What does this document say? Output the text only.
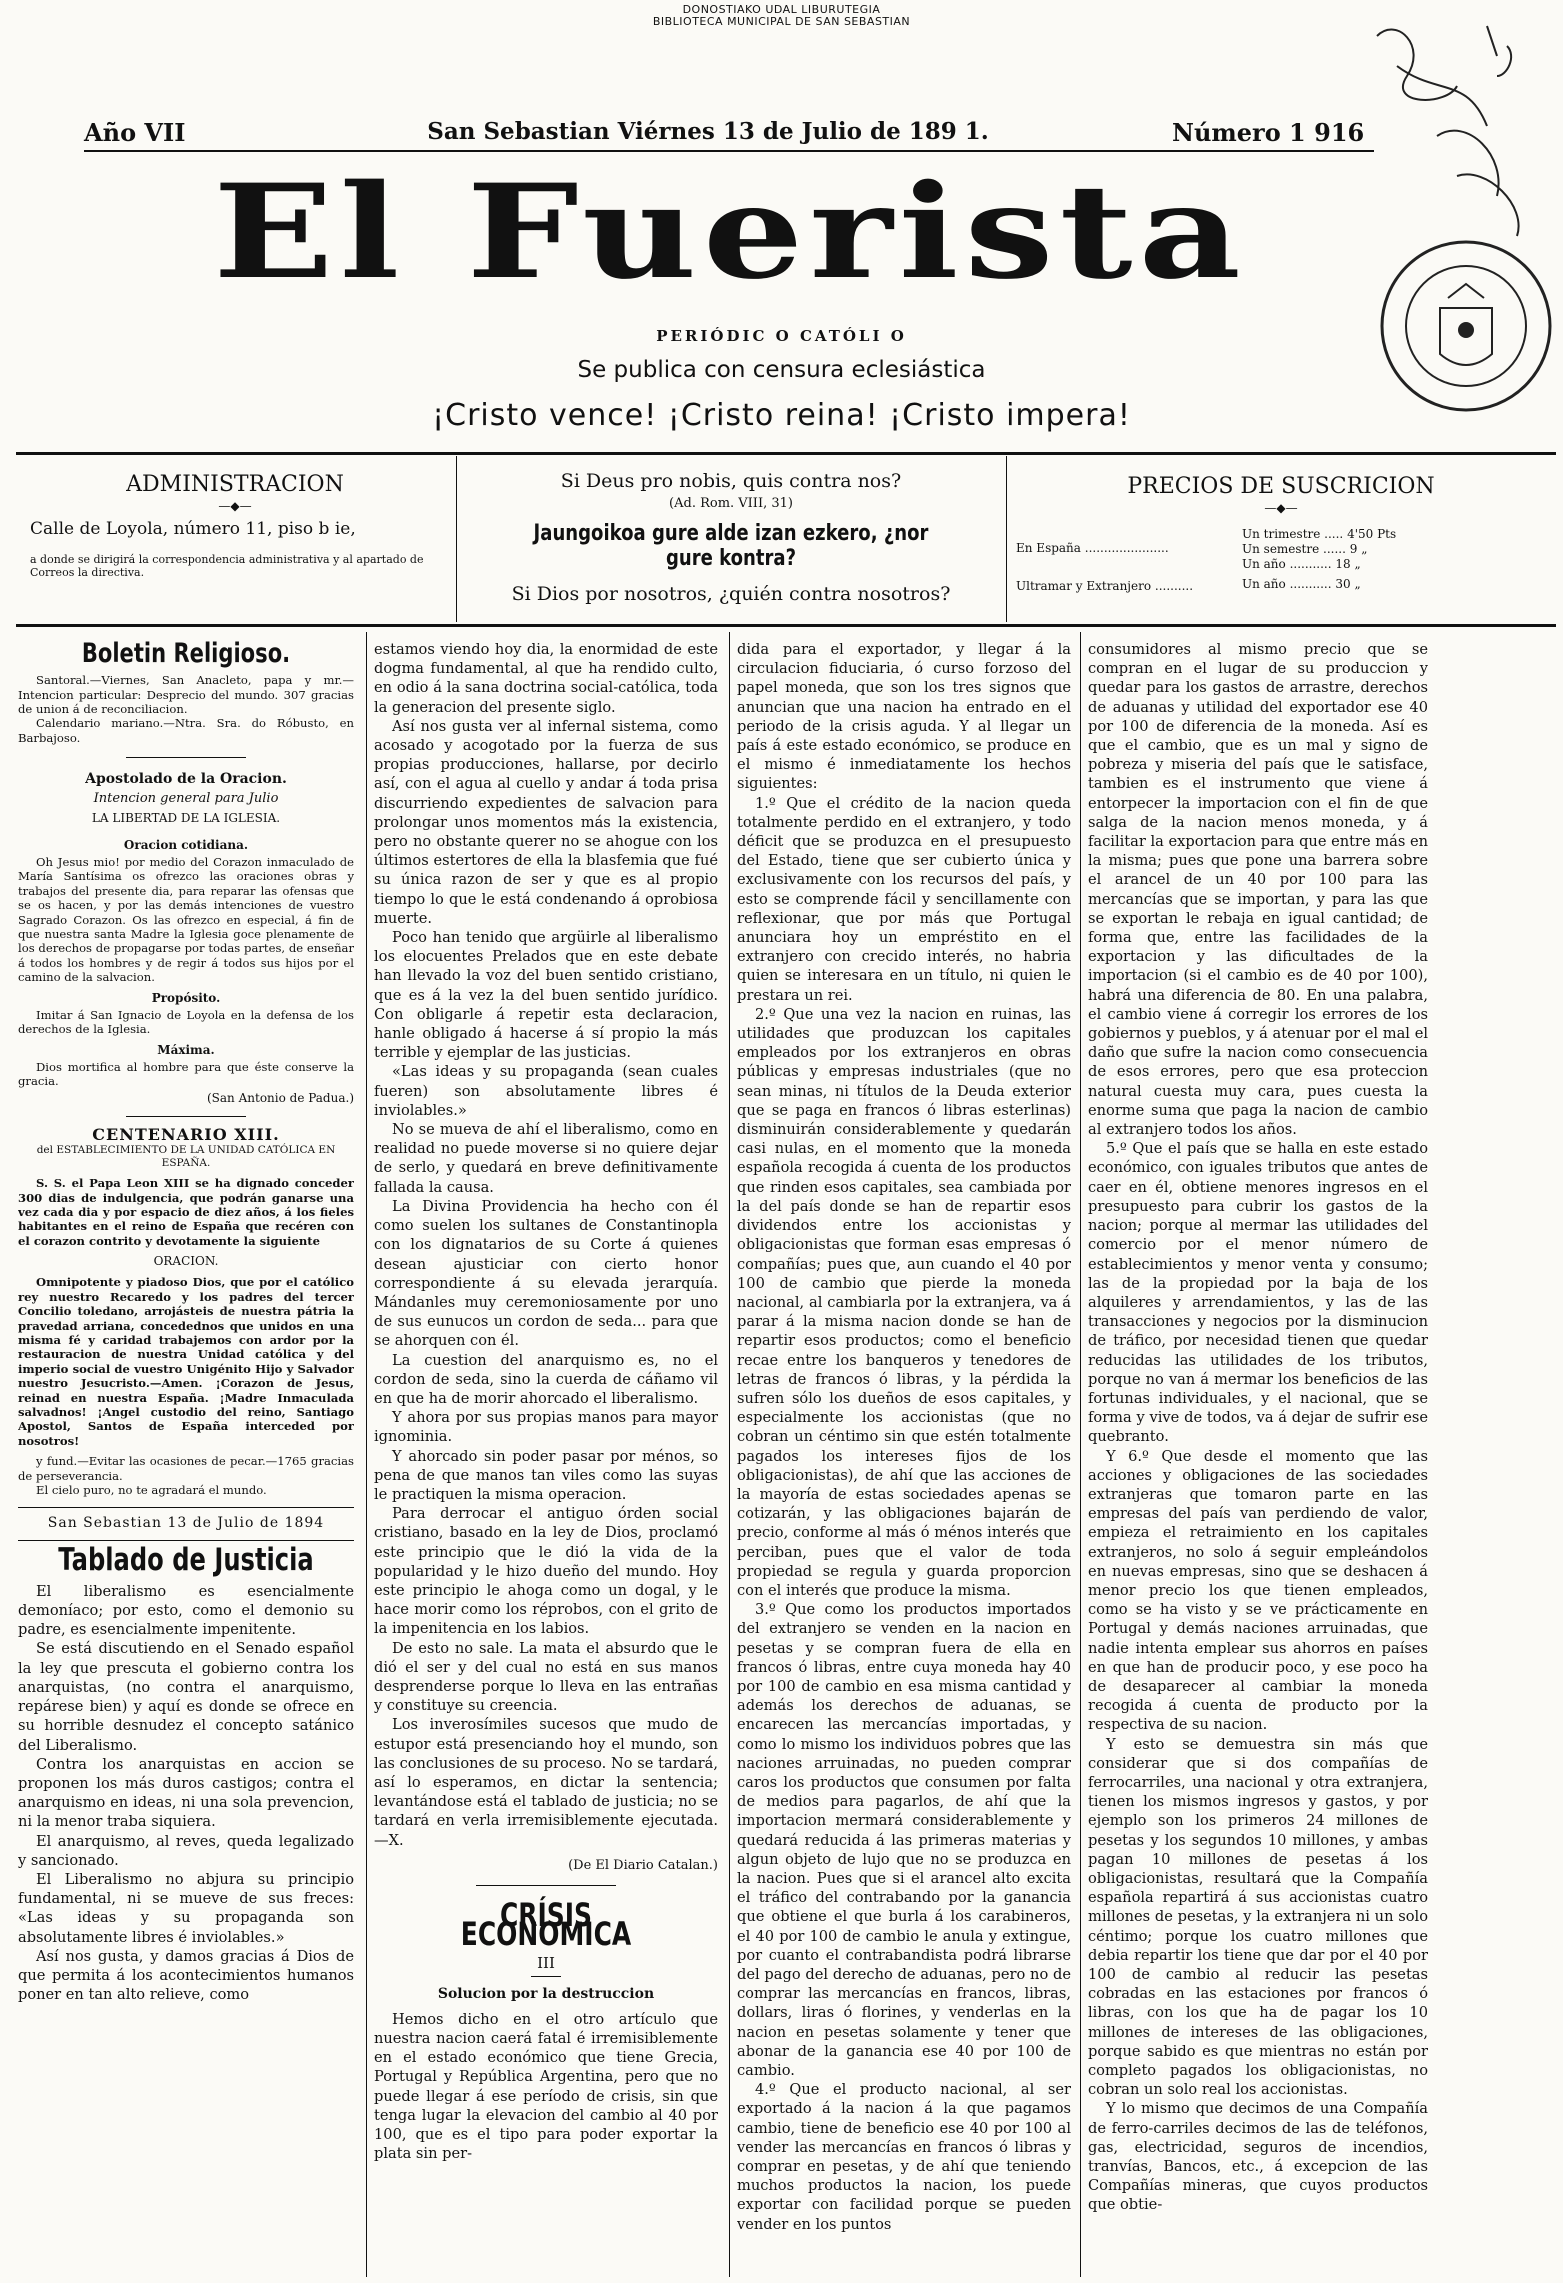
DONOSTIAKO UDAL LIBURUTEGIA
BIBLIOTECA MUNICIPAL DE SAN SEBASTIAN
Año VII	San Sebastian Viérnes 13 de Julio de 189 1.	Número 1 916
El Fuerista
PERIÓDIC O CATÓLI O
Se publica con censura eclesiástica
¡Cristo vence! ¡Cristo reina! ¡Cristo impera!
ADMINISTRACION
—◆—
Calle de Loyola, número 11, piso b ie,
a donde se dirigirá la correspondencia administrativa y al apartado de Correos la directiva.
Si Deus pro nobis, quis contra nos?
(Ad. Rom. VIII, 31)
Jaungoikoa gure alde izan ezkero, ¿nor gure kontra?
Si Dios por nosotros, ¿quién contra nosotros?
PRECIOS DE SUSCRICION
—◆—
En España ......................
Ultramar y Extranjero ..........
Un trimestre ..... 4'50 Pts
Un semestre ...... 9 „
Un año ........... 18 „
Un año ........... 30 „
Boletin Religioso.

Santoral.—Viernes, San Anacleto, papa y mr.—Intencion particular: Desprecio del mundo. 307 gracias de union á de reconciliacion.

Calendario mariano.—Ntra. Sra. do Róbusto, en Barbajoso.

Apostolado de la Oracion.
Intencion general para Julio
LA LIBERTAD DE LA IGLESIA.
Oracion cotidiana.

Oh Jesus mio! por medio del Corazon inmaculado de María Santísima os ofrezco las oraciones obras y trabajos del presente dia, para reparar las ofensas que se os hacen, y por las demás intenciones de vuestro Sagrado Corazon. Os las ofrezco en especial, á fin de que nuestra santa Madre la Iglesia goce plenamente de los derechos de propagarse por todas partes, de enseñar á todos los hombres y de regir á todos sus hijos por el camino de la salvacion.

Propósito.

Imitar á San Ignacio de Loyola en la defensa de los derechos de la Iglesia.

Máxima.

Dios mortifica al hombre para que éste conserve la gracia.

(San Antonio de Padua.)
CENTENARIO XIII.
del ESTABLECIMIENTO DE LA UNIDAD CATÓLICA EN ESPAÑA.

S. S. el Papa Leon XIII se ha dignado conceder 300 dias de indulgencia, que podrán ganarse una vez cada dia y por espacio de diez años, á los fieles habitantes en el reino de España que recéren con el corazon contrito y devotamente la siguiente

ORACION.

Omnipotente y piadoso Dios, que por el católico rey nuestro Recaredo y los padres del tercer Concilio toledano, arrojásteis de nuestra pátria la pravedad arriana, concedednos que unidos en una misma fé y caridad trabajemos con ardor por la restauracion de nuestra Unidad católica y del imperio social de vuestro Unigénito Hijo y Salvador nuestro Jesucristo.—Amen. ¡Corazon de Jesus, reinad en nuestra España. ¡Madre Inmaculada salvadnos! ¡Angel custodio del reino, Santiago Apostol, Santos de España interceded por nosotros!

y fund.—Evitar las ocasiones de pecar.—1765 gracias de perseverancia.

El cielo puro, no te agradará el mundo.

San Sebastian 13 de Julio de 1894
Tablado de Justicia

El liberalismo es esencialmente demoníaco; por esto, como el demonio su padre, es esencialmente impenitente.

Se está discutiendo en el Senado español la ley que prescuta el gobierno contra los anarquistas, (no contra el anarquismo, repárese bien) y aquí es donde se ofrece en su horrible desnudez el concepto satánico del Liberalismo.

Contra los anarquistas en accion se proponen los más duros castigos; contra el anarquismo en ideas, ni una sola prevencion, ni la menor traba siquiera.

El anarquismo, al reves, queda legalizado y sancionado.

El Liberalismo no abjura su principio fundamental, ni se mueve de sus freces: «Las ideas y su propaganda son absolutamente libres é inviolables.»

Así nos gusta, y damos gracias á Dios de que permita á los acontecimientos humanos poner en tan alto relieve, como

estamos viendo hoy dia, la enormidad de este dogma fundamental, al que ha rendido culto, en odio á la sana doctrina social-católica, toda la generacion del presente siglo.

Así nos gusta ver al infernal sistema, como acosado y acogotado por la fuerza de sus propias producciones, hallarse, por decirlo así, con el agua al cuello y andar á toda prisa discurriendo expedientes de salvacion para prolongar unos momentos más la existencia, pero no obstante querer no se ahogue con los últimos estertores de ella la blasfemia que fué su única razon de ser y que es al propio tiempo lo que le está condenando á oprobiosa muerte.

Poco han tenido que argüirle al liberalismo los elocuentes Prelados que en este debate han llevado la voz del buen sentido cristiano, que es á la vez la del buen sentido jurídico. Con obligarle á repetir esta declaracion, hanle obligado á hacerse á sí propio la más terrible y ejemplar de las justicias.

«Las ideas y su propaganda (sean cuales fueren) son absolutamente libres é inviolables.»

No se mueva de ahí el liberalismo, como en realidad no puede moverse si no quiere dejar de serlo, y quedará en breve definitivamente fallada la causa.

La Divina Providencia ha hecho con él como suelen los sultanes de Constantinopla con los dignatarios de su Corte á quienes desean ajusticiar con cierto honor correspondiente á su elevada jerarquía. Mándanles muy ceremoniosamente por uno de sus eunucos un cordon de seda... para que se ahorquen con él.

La cuestion del anarquismo es, no el cordon de seda, sino la cuerda de cáñamo vil en que ha de morir ahorcado el liberalismo.

Y ahora por sus propias manos para mayor ignominia.

Y ahorcado sin poder pasar por ménos, so pena de que manos tan viles como las suyas le practiquen la misma operacion.

Para derrocar el antiguo órden social cristiano, basado en la ley de Dios, proclamó este principio que le dió la vida de la popularidad y le hizo dueño del mundo. Hoy este principio le ahoga como un dogal, y le hace morir como los réprobos, con el grito de la impenitencia en los labios.

De esto no sale. La mata el absurdo que le dió el ser y del cual no está en sus manos desprenderse porque lo lleva en las entrañas y constituye su creencia.

Los inverosímiles sucesos que mudo de estupor está presenciando hoy el mundo, son las conclusiones de su proceso. No se tardará, así lo esperamos, en dictar la sentencia; levantándose está el tablado de justicia; no se tardará en verla irremisiblemente ejecutada.—X.

(De El Diario Catalan.)
CRÍSIS ECONOMICA
III
Solucion por la destruccion

Hemos dicho en el otro artículo que nuestra nacion caerá fatal é irremisiblemente en el estado económico que tiene Grecia, Portugal y República Argentina, pero que no puede llegar á ese período de crisis, sin que tenga lugar la elevacion del cambio al 40 por 100, que es el tipo para poder exportar la plata sin per-

dida para el exportador, y llegar á la circulacion fiduciaria, ó curso forzoso del papel moneda, que son los tres signos que anuncian que una nacion ha entrado en el periodo de la crisis aguda. Y al llegar un país á este estado económico, se produce en el mismo é inmediatamente los hechos siguientes:

1.º Que el crédito de la nacion queda totalmente perdido en el extranjero, y todo déficit que se produzca en el presupuesto del Estado, tiene que ser cubierto única y exclusivamente con los recursos del país, y esto se comprende fácil y sencillamente con reflexionar, que por más que Portugal anunciara hoy un empréstito en el extranjero con crecido interés, no habria quien se interesara en un título, ni quien le prestara un rei.

2.º Que una vez la nacion en ruinas, las utilidades que produzcan los capitales empleados por los extranjeros en obras públicas y empresas industriales (que no sean minas, ni títulos de la Deuda exterior que se paga en francos ó libras esterlinas) disminuirán considerablemente y quedarán casi nulas, en el momento que la moneda española recogida á cuenta de los productos que rinden esos capitales, sea cambiada por la del país donde se han de repartir esos dividendos entre los accionistas y obligacionistas que forman esas empresas ó compañías; pues que, aun cuando el 40 por 100 de cambio que pierde la moneda nacional, al cambiarla por la extranjera, va á parar á la misma nacion donde se han de repartir esos productos; como el beneficio recae entre los banqueros y tenedores de letras de francos ó libras, y la pérdida la sufren sólo los dueños de esos capitales, y especialmente los accionistas (que no cobran un céntimo sin que estén totalmente pagados los intereses fijos de los obligacionistas), de ahí que las acciones de la mayoría de estas sociedades apenas se cotizarán, y las obligaciones bajarán de precio, conforme al más ó ménos interés que perciban, pues que el valor de toda propiedad se regula y guarda proporcion con el interés que produce la misma.

3.º Que como los productos importados del extranjero se venden en la nacion en pesetas y se compran fuera de ella en francos ó libras, entre cuya moneda hay 40 por 100 de cambio en esa misma cantidad y además los derechos de aduanas, se encarecen las mercancías importadas, y como lo mismo los individuos pobres que las naciones arruinadas, no pueden comprar caros los productos que consumen por falta de medios para pagarlos, de ahí que la importacion mermará considerablemente y quedará reducida á las primeras materias y algun objeto de lujo que no se produzca en la nacion. Pues que si el arancel alto excita el tráfico del contrabando por la ganancia que obtiene el que burla á los carabineros, el 40 por 100 de cambio le anula y extingue, por cuanto el contrabandista podrá librarse del pago del derecho de aduanas, pero no de comprar las mercancías en francos, libras, dollars, liras ó florines, y venderlas en la nacion en pesetas solamente y tener que abonar de la ganancia ese 40 por 100 de cambio.

4.º Que el producto nacional, al ser exportado á la nacion á la que pagamos cambio, tiene de beneficio ese 40 por 100 al vender las mercancías en francos ó libras y comprar en pesetas, y de ahí que teniendo muchos productos la nacion, los puede exportar con facilidad porque se pueden vender en los puntos

consumidores al mismo precio que se compran en el lugar de su produccion y quedar para los gastos de arrastre, derechos de aduanas y utilidad del exportador ese 40 por 100 de diferencia de la moneda. Así es que el cambio, que es un mal y signo de pobreza y miseria del país que le satisface, tambien es el instrumento que viene á entorpecer la importacion con el fin de que salga de la nacion menos moneda, y á facilitar la exportacion para que entre más en la misma; pues que pone una barrera sobre el arancel de un 40 por 100 para las mercancías que se importan, y para las que se exportan le rebaja en igual cantidad; de forma que, entre las facilidades de la exportacion y las dificultades de la importacion (si el cambio es de 40 por 100), habrá una diferencia de 80. En una palabra, el cambio viene á corregir los errores de los gobiernos y pueblos, y á atenuar por el mal el daño que sufre la nacion como consecuencia de esos errores, pero que esa proteccion natural cuesta muy cara, pues cuesta la enorme suma que paga la nacion de cambio al extranjero todos los años.

5.º Que el país que se halla en este estado económico, con iguales tributos que antes de caer en él, obtiene menores ingresos en el presupuesto para cubrir los gastos de la nacion; porque al mermar las utilidades del comercio por el menor número de establecimientos y menor venta y consumo; las de la propiedad por la baja de los alquileres y arrendamientos, y las de las transacciones y negocios por la disminucion de tráfico, por necesidad tienen que quedar reducidas las utilidades de los tributos, porque no van á mermar los beneficios de las fortunas individuales, y el nacional, que se forma y vive de todos, va á dejar de sufrir ese quebranto.

Y 6.º Que desde el momento que las acciones y obligaciones de las sociedades extranjeras que tomaron parte en las empresas del país van perdiendo de valor, empieza el retraimiento en los capitales extranjeros, no solo á seguir empleándolos en nuevas empresas, sino que se deshacen á menor precio los que tienen empleados, como se ha visto y se ve prácticamente en Portugal y demás naciones arruinadas, que nadie intenta emplear sus ahorros en países en que han de producir poco, y ese poco ha de desaparecer al cambiar la moneda recogida á cuenta de producto por la respectiva de su nacion.

Y esto se demuestra sin más que considerar que si dos compañías de ferrocarriles, una nacional y otra extranjera, tienen los mismos ingresos y gastos, y por ejemplo son los primeros 24 millones de pesetas y los segundos 10 millones, y ambas pagan 10 millones de pesetas á los obligacionistas, resultará que la Compañía española repartirá á sus accionistas cuatro millones de pesetas, y la extranjera ni un solo céntimo; porque los cuatro millones que debia repartir los tiene que dar por el 40 por 100 de cambio al reducir las pesetas cobradas en las estaciones por francos ó libras, con los que ha de pagar los 10 millones de intereses de las obligaciones, porque sabido es que mientras no están por completo pagados los obligacionistas, no cobran un solo real los accionistas.

Y lo mismo que decimos de una Compañía de ferro-carriles decimos de las de teléfonos, gas, electricidad, seguros de incendios, tranvías, Bancos, etc., á excepcion de las Compañías mineras, que cuyos productos que obtie-
